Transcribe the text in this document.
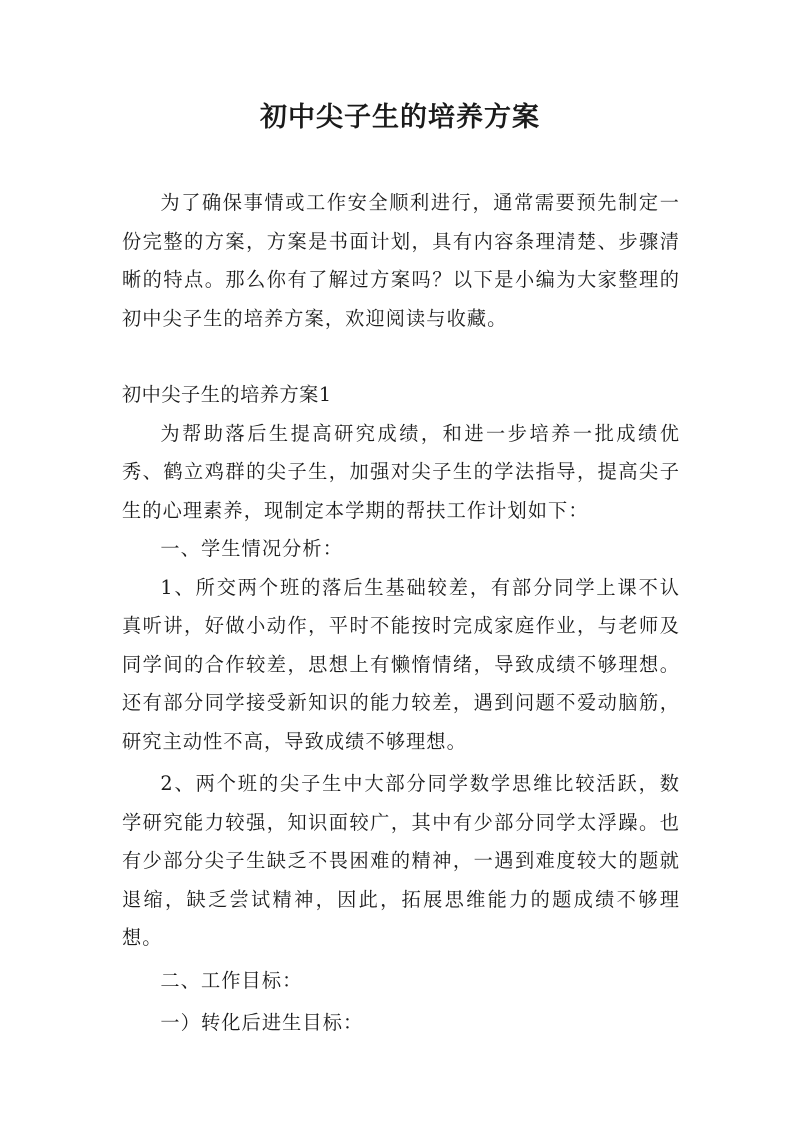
初中尖子生的培养方案

为了确保事情或工作安全顺利进行，通常需要预先制定一份完整的方案，方案是书面计划，具有内容条理清楚、步骤清晰的特点。那么你有了解过方案吗？以下是小编为大家整理的初中尖子生的培养方案，欢迎阅读与收藏。

初中尖子生的培养方案1

为帮助落后生提高研究成绩，和进一步培养一批成绩优秀、鹤立鸡群的尖子生，加强对尖子生的学法指导，提高尖子生的心理素养，现制定本学期的帮扶工作计划如下：

一、学生情况分析：

1、所交两个班的落后生基础较差，有部分同学上课不认真听讲，好做小动作，平时不能按时完成家庭作业，与老师及同学间的合作较差，思想上有懒惰情绪，导致成绩不够理想。还有部分同学接受新知识的能力较差，遇到问题不爱动脑筋，研究主动性不高，导致成绩不够理想。

2、两个班的尖子生中大部分同学数学思维比较活跃，数学研究能力较强，知识面较广，其中有少部分同学太浮躁。也有少部分尖子生缺乏不畏困难的精神，一遇到难度较大的题就退缩，缺乏尝试精神，因此，拓展思维能力的题成绩不够理想。

二、工作目标：

一）转化后进生目标：
